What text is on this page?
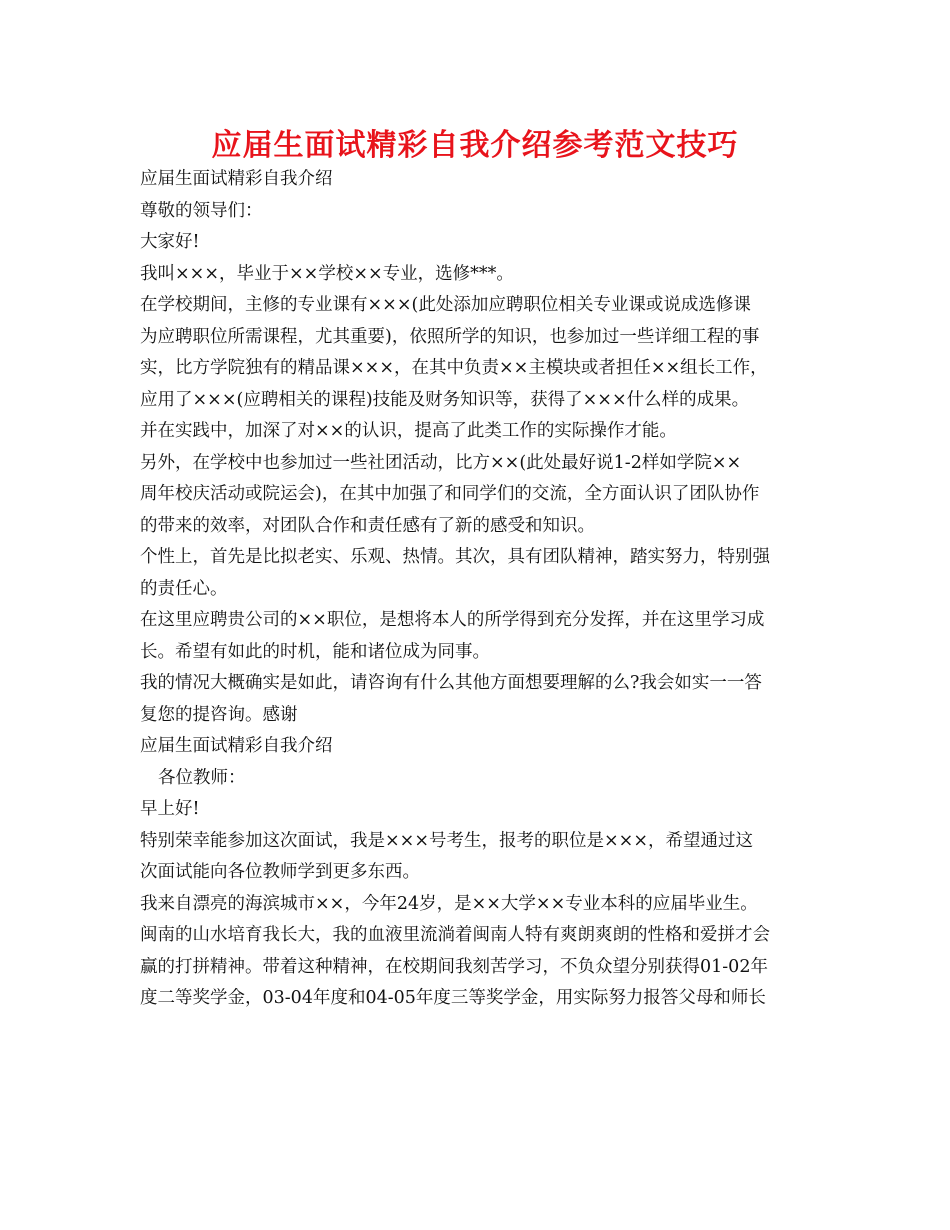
应届生面试精彩自我介绍参考范文技巧
应届生面试精彩自我介绍
尊敬的领导们：
大家好!
我叫×××，毕业于××学校××专业，选修***。
在学校期间，主修的专业课有×××(此处添加应聘职位相关专业课或说成选修课
为应聘职位所需课程，尤其重要)，依照所学的知识，也参加过一些详细工程的事
实，比方学院独有的精品课×××，在其中负责××主模块或者担任××组长工作，
应用了×××(应聘相关的课程)技能及财务知识等，获得了×××什么样的成果。
并在实践中，加深了对××的认识，提高了此类工作的实际操作才能。
另外，在学校中也参加过一些社团活动，比方××(此处最好说1-2样如学院××
周年校庆活动或院运会)，在其中加强了和同学们的交流，全方面认识了团队协作
的带来的效率，对团队合作和责任感有了新的感受和知识。
个性上，首先是比拟老实、乐观、热情。其次，具有团队精神，踏实努力，特别强
的责任心。
在这里应聘贵公司的××职位，是想将本人的所学得到充分发挥，并在这里学习成
长。希望有如此的时机，能和诸位成为同事。
我的情况大概确实是如此，请咨询有什么其他方面想要理解的么?我会如实一一答
复您的提咨询。感谢
应届生面试精彩自我介绍
各位教师：
早上好!
特别荣幸能参加这次面试，我是×××号考生，报考的职位是×××，希望通过这
次面试能向各位教师学到更多东西。
我来自漂亮的海滨城市××，今年24岁，是××大学××专业本科的应届毕业生。
闽南的山水培育我长大，我的血液里流淌着闽南人特有爽朗爽朗的性格和爱拼才会
赢的打拼精神。带着这种精神，在校期间我刻苦学习，不负众望分别获得01-02年
度二等奖学金，03-04年度和04-05年度三等奖学金，用实际努力报答父母和师长
